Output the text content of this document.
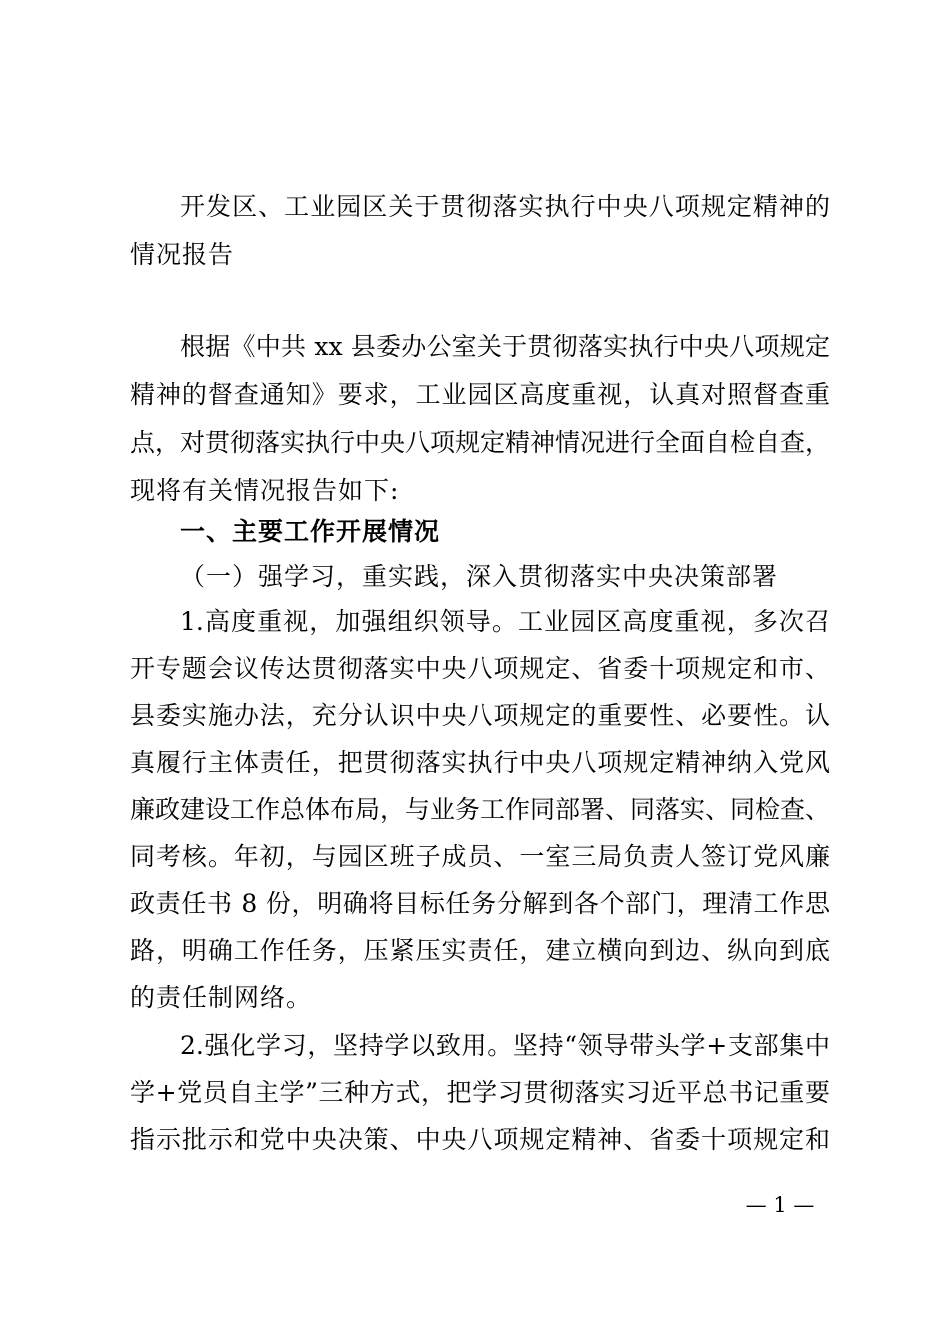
开发区、工业园区关于贯彻落实执行中央八项规定精神的
情况报告
根据《中共 xx 县委办公室关于贯彻落实执行中央八项规定
精神的督查通知》要求，工业园区高度重视，认真对照督查重
点，对贯彻落实执行中央八项规定精神情况进行全面自检自查，
现将有关情况报告如下:
一、主要工作开展情况
（一）强学习，重实践，深入贯彻落实中央决策部署
1.高度重视，加强组织领导。工业园区高度重视，多次召
开专题会议传达贯彻落实中央八项规定、省委十项规定和市、
县委实施办法，充分认识中央八项规定的重要性、必要性。认
真履行主体责任，把贯彻落实执行中央八项规定精神纳入党风
廉政建设工作总体布局，与业务工作同部署、同落实、同检查、
同考核。年初，与园区班子成员、一室三局负责人签订党风廉
政责任书 8 份，明确将目标任务分解到各个部门，理清工作思
路，明确工作任务，压紧压实责任，建立横向到边、纵向到底
的责任制网络。
2.强化学习，坚持学以致用。坚持“领导带头学+支部集中
学+党员自主学”三种方式，把学习贯彻落实习近平总书记重要
指示批示和党中央决策、中央八项规定精神、省委十项规定和
— 1 —
